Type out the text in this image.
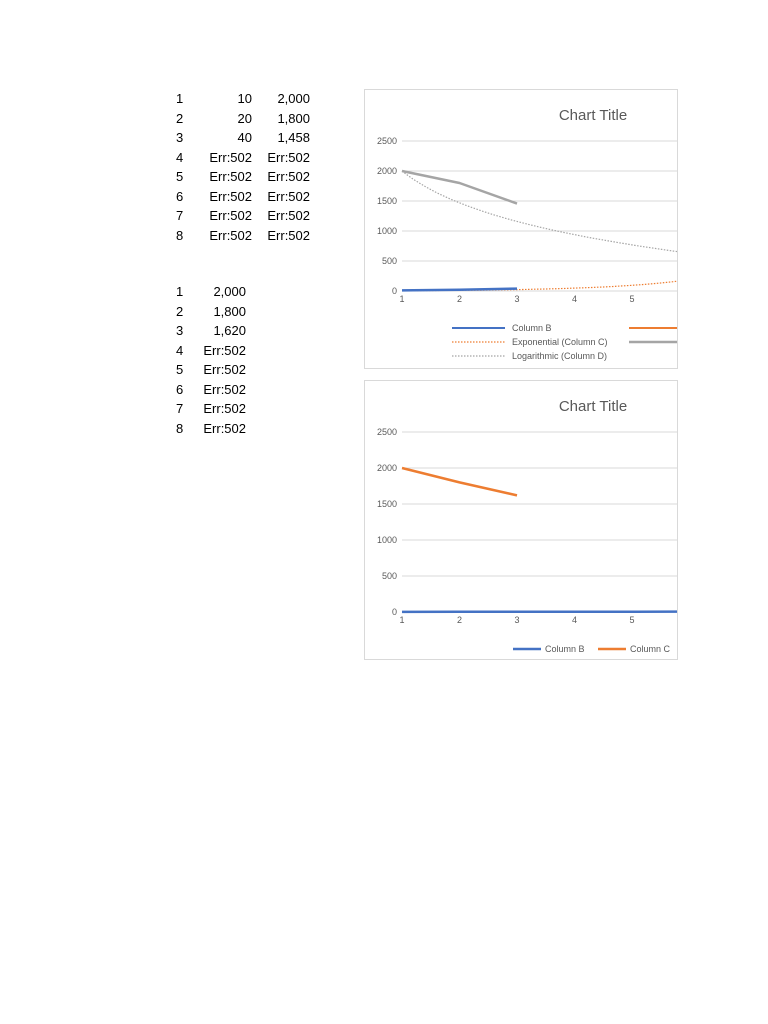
1	10 2,000
2	20 1,800
3	40 1,458
4 Err:502 Err:502
5 Err:502 Err:502
6 Err:502 Err:502
7 Err:502 Err:502
8 Err:502 Err:502
1 2,000
2 1,800
3 1,620
4 Err:502
5 Err:502
6 Err:502
7 Err:502
8 Err:502
Chart Title
0
500
1000
1500
2000
2500
1	2	3	4	5
Column B
Exponential (Column C)
Logarithmic (Column D)
Chart Title
0
500
1000
1500
2000
2500
1	2	3	4	5
Column B	Column C
